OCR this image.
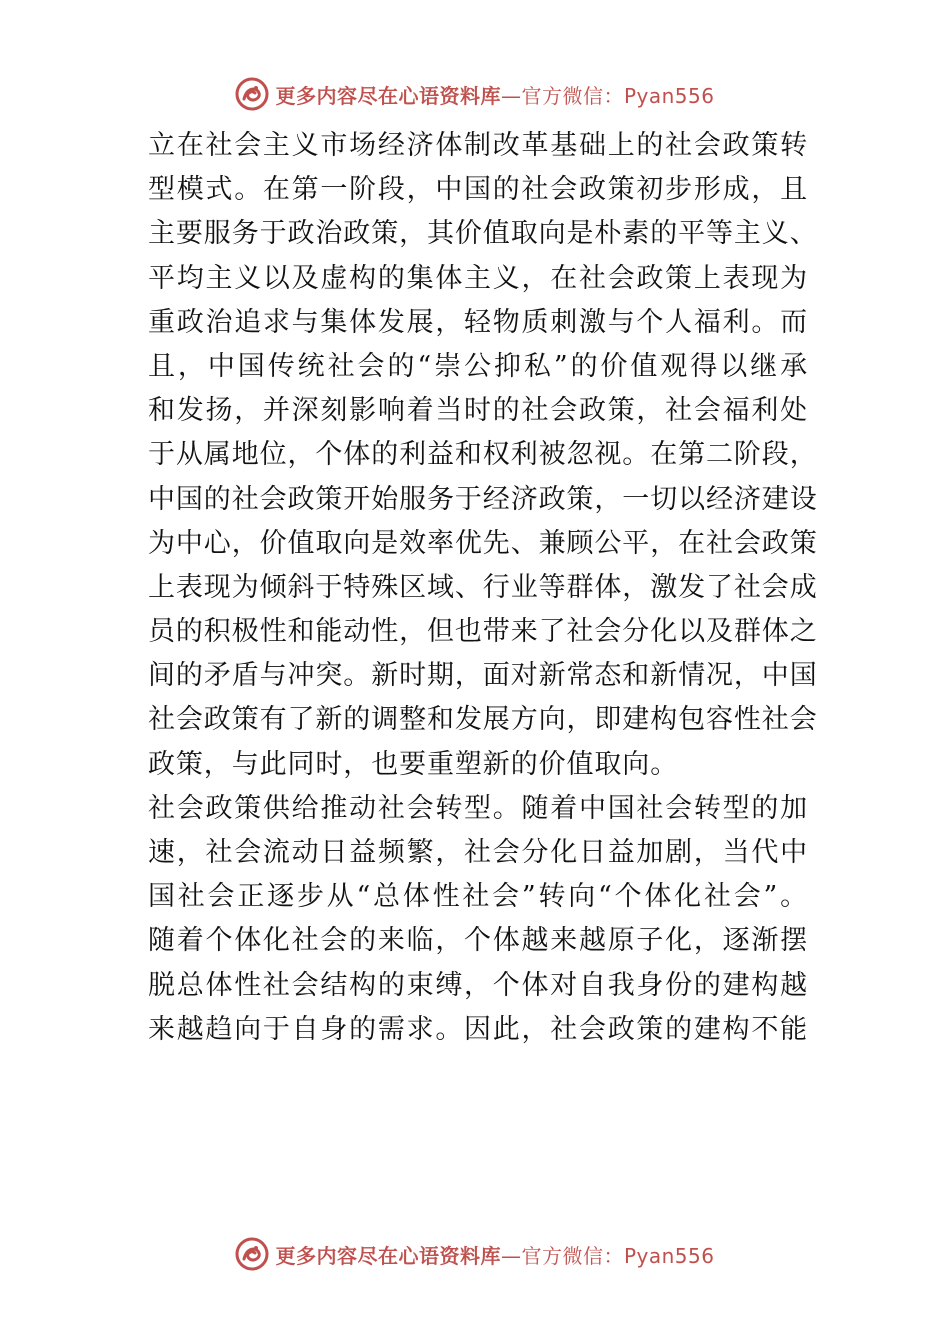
更多内容尽在心语资料库—官方微信：Pyan556
立在社会主义市场经济体制改革基础上的社会政策转
型模式。在第一阶段，中国的社会政策初步形成，且
主要服务于政治政策，其价值取向是朴素的平等主义、
平均主义以及虚构的集体主义，在社会政策上表现为
重政治追求与集体发展，轻物质刺激与个人福利。而
且，中国传统社会的“崇公抑私”的价值观得以继承
和发扬，并深刻影响着当时的社会政策，社会福利处
于从属地位，个体的利益和权利被忽视。在第二阶段，
中国的社会政策开始服务于经济政策，一切以经济建设
为中心，价值取向是效率优先、兼顾公平，在社会政策
上表现为倾斜于特殊区域、行业等群体，激发了社会成
员的积极性和能动性，但也带来了社会分化以及群体之
间的矛盾与冲突。新时期，面对新常态和新情况，中国
社会政策有了新的调整和发展方向，即建构包容性社会
政策，与此同时，也要重塑新的价值取向。
社会政策供给推动社会转型。随着中国社会转型的加
速，社会流动日益频繁，社会分化日益加剧，当代中
国社会正逐步从“总体性社会”转向“个体化社会”。
随着个体化社会的来临，个体越来越原子化，逐渐摆
脱总体性社会结构的束缚，个体对自我身份的建构越
来越趋向于自身的需求。因此，社会政策的建构不能
更多内容尽在心语资料库—官方微信：Pyan556
